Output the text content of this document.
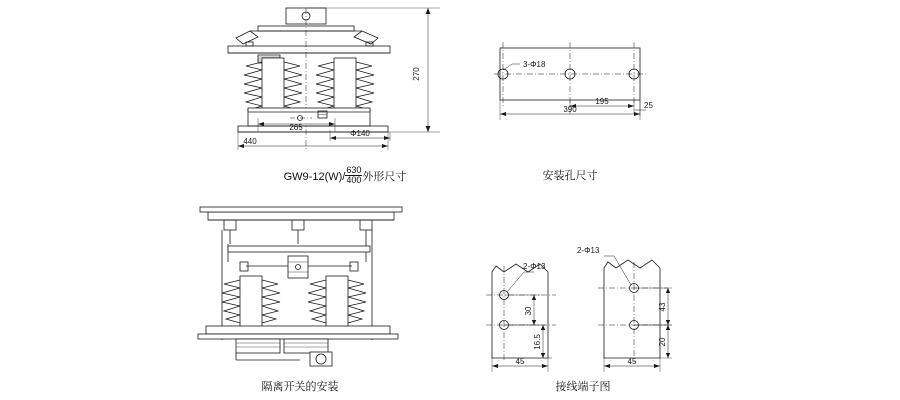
270
265
Φ140
440
3-Φ18
195	25
390
2-Φ13
30
16.5
45
2-Φ13
43
20
45
$GW9-12(W)/ \frac{630}{400}$ 外形尺寸	安装孔尺寸
隔离开关的安装	接线端子图
